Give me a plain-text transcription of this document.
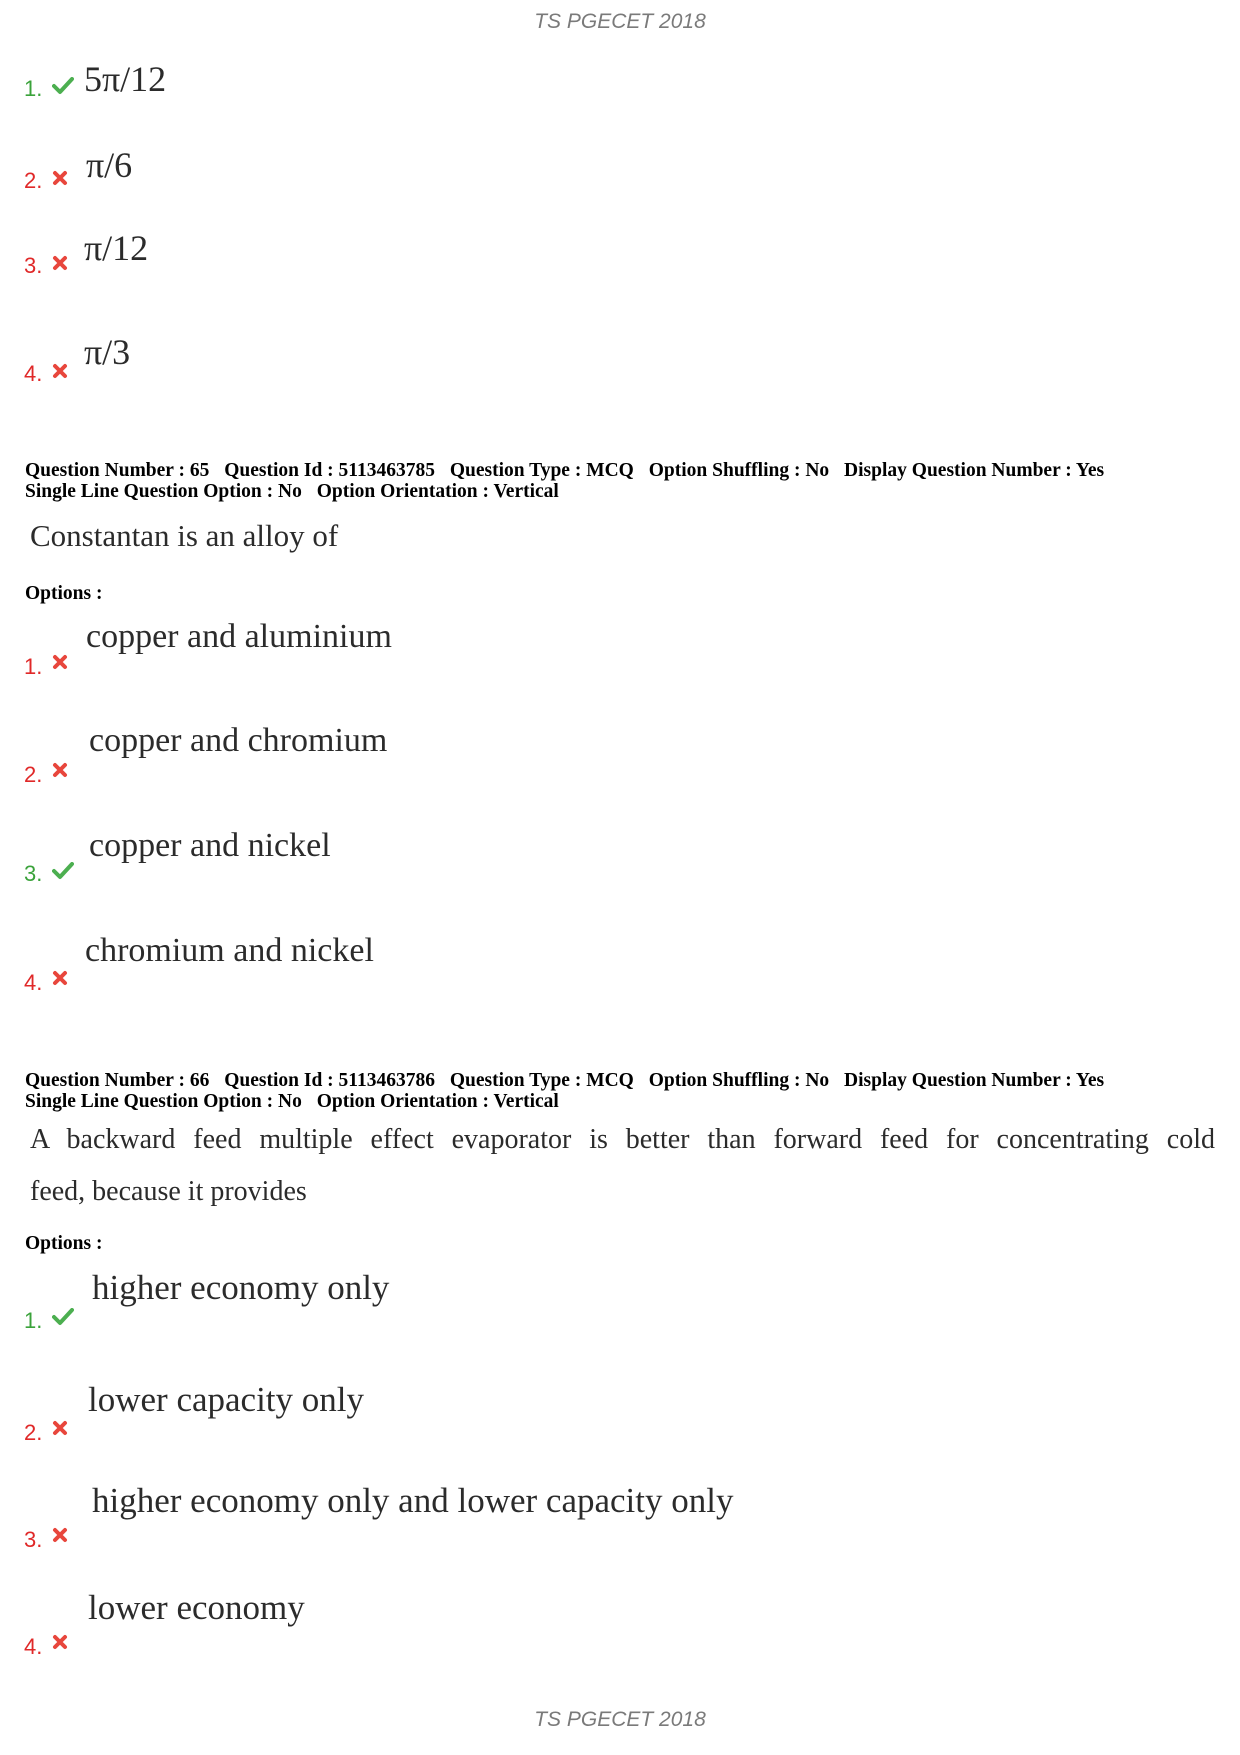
TS PGECET 2018
1. 5π/12
2. π/6
3. π/12
4.
π/3
Question Number : 65 Question Id : 5113463785 Question Type : MCQ Option Shuffling : No Display Question Number : Yes
Single Line Question Option : No Option Orientation : Vertical
Constantan is an alloy of
Options :
1.
copper and aluminium
2.
copper and chromium
3.
copper and nickel
4.
chromium and nickel
Question Number : 66 Question Id : 5113463786 Question Type : MCQ Option Shuffling : No Display Question Number : Yes
Single Line Question Option : No Option Orientation : Vertical
A backward feed multiple effect evaporator is better than forward feed for concentrating cold
feed, because it provides
Options :
1.
higher economy only
2.
lower capacity only
3.
higher economy only and lower capacity only
4.
lower economy
TS PGECET 2018
